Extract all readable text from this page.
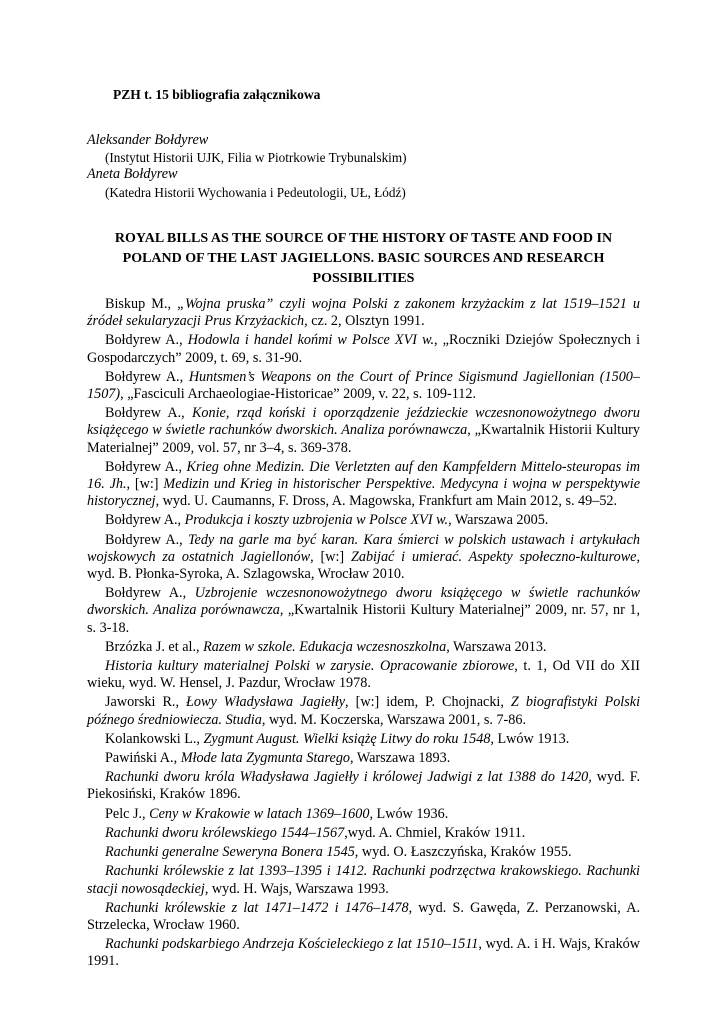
PZH t. 15 bibliografia załącznikowa
Aleksander Bołdyrew
(Instytut Historii UJK, Filia w Piotrkowie Trybunalskim)
Aneta Bołdyrew
(Katedra Historii Wychowania i Pedeutologii, UŁ, Łódź)
ROYAL BILLS AS THE SOURCE OF THE HISTORY OF TASTE AND FOOD IN POLAND OF THE LAST JAGIELLONS. BASIC SOURCES AND RESEARCH POSSIBILITIES

Biskup M., „Wojna pruska” czyli wojna Polski z zakonem krzyżackim z lat 1519–1521 u źródeł sekularyzacji Prus Krzyżackich, cz. 2, Olsztyn 1991.

Bołdyrew A., Hodowla i handel końmi w Polsce XVI w., „Roczniki Dziejów Społecznych i Gospodarczych” 2009, t. 69, s. 31-90.

Bołdyrew A., Huntsmen’s Weapons on the Court of Prince Sigismund Jagiellonian (1500–1507), „Fasciculi Archaeologiae-Historicae” 2009, v. 22, s. 109-112.

Bołdyrew A., Konie, rząd koński i oporządzenie jeździeckie wczesnonowożytnego dworu książęcego w świetle rachunków dworskich. Analiza porównawcza, „Kwartalnik Historii Kultury Materialnej” 2009, vol. 57, nr 3–4, s. 369-378.

Bołdyrew A., Krieg ohne Medizin. Die Verletzten auf den Kampfeldern Mittelo-steuropas im 16. Jh., [w:] Medizin und Krieg in historischer Perspektive. Medycyna i wojna w perspektywie historycznej, wyd. U. Caumanns, F. Dross, A. Magowska, Frankfurt am Main 2012, s. 49–52.

Bołdyrew A., Produkcja i koszty uzbrojenia w Polsce XVI w., Warszawa 2005.

Bołdyrew A., Tedy na garle ma być karan. Kara śmierci w polskich ustawach i artykułach wojskowych za ostatnich Jagiellonów, [w:] Zabijać i umierać. Aspekty społeczno-kulturowe, wyd. B. Płonka-Syroka, A. Szlagowska, Wrocław 2010.

Bołdyrew A., Uzbrojenie wczesnonowożytnego dworu książęcego w świetle rachunków dworskich. Analiza porównawcza, „Kwartalnik Historii Kultury Materialnej” 2009, nr. 57, nr 1, s. 3-18.

Brzózka J. et al., Razem w szkole. Edukacja wczesnoszkolna, Warszawa 2013.

Historia kultury materialnej Polski w zarysie. Opracowanie zbiorowe, t. 1, Od VII do XII wieku, wyd. W. Hensel, J. Pazdur, Wrocław 1978.

Jaworski R., Łowy Władysława Jagiełły, [w:] idem, P. Chojnacki, Z biografistyki Polski późnego średniowiecza. Studia, wyd. M. Koczerska, Warszawa 2001, s. 7-86.

Kolankowski L., Zygmunt August. Wielki książę Litwy do roku 1548, Lwów 1913.

Pawiński A., Młode lata Zygmunta Starego, Warszawa 1893.

Rachunki dworu króla Władysława Jagiełły i królowej Jadwigi z lat 1388 do 1420, wyd. F. Piekosiński, Kraków 1896.

Pelc J., Ceny w Krakowie w latach 1369–1600, Lwów 1936.

Rachunki dworu królewskiego 1544–1567,wyd. A. Chmiel, Kraków 1911.

Rachunki generalne Seweryna Bonera 1545, wyd. O. Łaszczyńska, Kraków 1955.

Rachunki królewskie z lat 1393–1395 i 1412. Rachunki podrzęctwa krakowskiego. Rachunki stacji nowosądeckiej, wyd. H. Wajs, Warszawa 1993.

Rachunki królewskie z lat 1471–1472 i 1476–1478, wyd. S. Gawęda, Z. Perzanowski, A. Strzelecka, Wrocław 1960.

Rachunki podskarbiego Andrzeja Kościeleckiego z lat 1510–1511, wyd. A. i H. Wajs, Kraków 1991.
